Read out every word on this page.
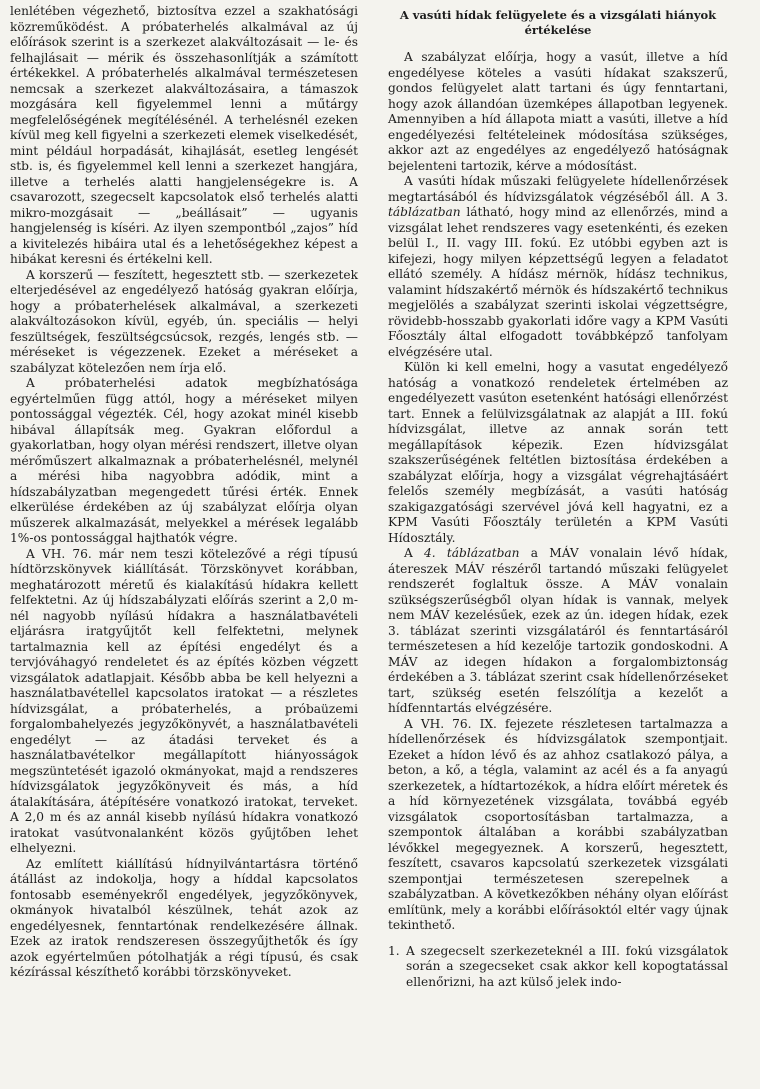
lenlétében végezhető, biztosítva ezzel a szakhatósági közreműködést. A próbaterhelés alkalmával az új előírások szerint is a szerkezet alakváltozásait — le- és felhajlásait — mérik és összehasonlítják a számított értékekkel. A próbaterhelés alkalmával természetesen nemcsak a szerkezet alakváltozásaira, a támaszok mozgására kell figyelemmel lenni a műtárgy megfelelőségének megítélésénél. A terhelésnél ezeken kívül meg kell figyelni a szerkezeti elemek viselkedését, mint például horpadását, kihajlását, esetleg lengését stb. is, és figyelemmel kell lenni a szerkezet hangjára, illetve a terhelés alatti hangjelenségekre is. A csavarozott, szegecselt kapcsolatok első terhelés alatti mikro-mozgásait — „beállásait” — ugyanis hangjelenség is kíséri. Az ilyen szempontból „zajos” híd a kivitelezés hibáira utal és a lehetőségekhez képest a hibákat keresni és értékelni kell.

A korszerű — feszített, hegesztett stb. — szerkezetek elterjedésével az engedélyező hatóság gyakran előírja, hogy a próbaterhelések alkalmával, a szerkezeti alakváltozásokon kívül, egyéb, ún. speciális — helyi feszültségek, feszültségcsúcsok, rezgés, lengés stb. — méréseket is végezzenek. Ezeket a méréseket a szabályzat kötelezően nem írja elő.

A próbaterhelési adatok megbízhatósága egyértelműen függ attól, hogy a méréseket milyen pontossággal végezték. Cél, hogy azokat minél kisebb hibával állapítsák meg. Gyakran előfordul a gyakorlatban, hogy olyan mérési rendszert, illetve olyan mérőműszert alkalmaznak a próbaterhelésnél, melynél a mérési hiba nagyobbra adódik, mint a hídszabályzatban megengedett tűrési érték. Ennek elkerülése érdekében az új szabályzat előírja olyan műszerek alkalmazását, melyekkel a mérések legalább 1%-os pontossággal hajthatók végre.

A VH. 76. már nem teszi kötelezővé a régi típusú hídtörzskönyvek kiállítását. Törzskönyvet korábban, meghatározott méretű és kialakítású hídakra kellett felfektetni. Az új hídszabályzati előírás szerint a 2,0 m-nél nagyobb nyílású hídakra a használatbavételi eljárásra iratgyűjtőt kell felfektetni, melynek tartalmaznia kell az építési engedélyt és a tervjóváhagyó rendeletet és az építés közben végzett vizsgálatok adatlapjait. Később abba be kell helyezni a használatbavétellel kapcsolatos iratokat — a részletes hídvizsgálat, a próbaterhelés, a próbaüzemi forgalombahelyezés jegyzőkönyvét, a használatbavételi engedélyt — az átadási terveket és a használatbavételkor megállapított hiányosságok megszüntetését igazoló okmányokat, majd a rendszeres hídvizsgálatok jegyzőkönyveit és más, a híd átalakítására, átépítésére vonatkozó iratokat, terveket. A 2,0 m és az annál kisebb nyílású hídakra vonatkozó iratokat vasútvonalanként közös gyűjtőben lehet elhelyezni.

Az említett kiállítású hídnyilvántartásra történő átállást az indokolja, hogy a híddal kapcsolatos fontosabb eseményekről engedélyek, jegyzőkönyvek, okmányok hivatalból készülnek, tehát azok az engedélyesnek, fenntartónak rendelkezésére állnak. Ezek az iratok rendszeresen összegyűjthetők és így azok egyértelműen pótolhatják a régi típusú, és csak kézírással készíthető korábbi törzskönyveket.

A vasúti hídak felügyelete és a vizsgálati hiányok
értékelése

A szabályzat előírja, hogy a vasút, illetve a híd engedélyese köteles a vasúti hídakat szakszerű, gondos felügyelet alatt tartani és úgy fenntartani, hogy azok állandóan üzemképes állapotban legyenek. Amennyiben a híd állapota miatt a vasúti, illetve a híd engedélyezési feltételeinek módosítása szükséges, akkor azt az engedélyes az engedélyező hatóságnak bejelenteni tartozik, kérve a módosítást.

A vasúti hídak műszaki felügyelete hídellenőrzések megtartásából és hídvizsgálatok végzéséből áll. A 3. táblázatban látható, hogy mind az ellenőrzés, mind a vizsgálat lehet rendszeres vagy esetenkénti, és ezeken belül I., II. vagy III. fokú. Ez utóbbi egyben azt is kifejezi, hogy milyen képzettségű legyen a feladatot ellátó személy. A hídász mérnök, hídász technikus, valamint hídszakértő mérnök és hídszakértő technikus megjelölés a szabályzat szerinti iskolai végzettségre, rövidebb-hosszabb gyakorlati időre vagy a KPM Vasúti Főosztály által elfogadott továbbképző tanfolyam elvégzésére utal.

Külön ki kell emelni, hogy a vasutat engedélyező hatóság a vonatkozó rendeletek értelmében az engedélyezett vasúton esetenként hatósági ellenőrzést tart. Ennek a felülvizsgálatnak az alapját a III. fokú hídvizsgálat, illetve az annak során tett megállapítások képezik. Ezen hídvizsgálat szakszerűségének feltétlen biztosítása érdekében a szabályzat előírja, hogy a vizsgálat végrehajtásáért felelős személy megbízását, a vasúti hatóság szakigazgatósági szervével jóvá kell hagyatni, ez a KPM Vasúti Főosztály területén a KPM Vasúti Hídosztály.

A 4. táblázatban a MÁV vonalain lévő hídak, átereszek MÁV részéről tartandó műszaki felügyelet rendszerét foglaltuk össze. A MÁV vonalain szükségszerűségből olyan hídak is vannak, melyek nem MÁV kezelésűek, ezek az ún. idegen hídak, ezek 3. táblázat szerinti vizsgálatáról és fenntartásáról természetesen a híd kezelője tartozik gondoskodni. A MÁV az idegen hídakon a forgalombiztonság érdekében a 3. táblázat szerint csak hídellenőrzéseket tart, szükség esetén felszólítja a kezelőt a hídfenntartás elvégzésére.

A VH. 76. IX. fejezete részletesen tartalmazza a hídellenőrzések és hídvizsgálatok szempontjait. Ezeket a hídon lévő és az ahhoz csatlakozó pálya, a beton, a kő, a tégla, valamint az acél és a fa anyagú szerkezetek, a hídtartozékok, a hídra előírt méretek és a híd környezetének vizsgálata, továbbá egyéb vizsgálatok csoportosításban tartalmazza, a szempontok általában a korábbi szabályzatban lévőkkel megegyeznek. A korszerű, hegesztett, feszített, csavaros kapcsolatú szerkezetek vizsgálati szempontjai természetesen szerepelnek a szabályzatban. A következőkben néhány olyan előírást említünk, mely a korábbi előírásoktól eltér vagy újnak tekinthető.

1. A szegecselt szerkezeteknél a III. fokú vizsgálatok során a szegecseket csak akkor kell kopogtatással ellenőrizni, ha azt külső jelek indo-
